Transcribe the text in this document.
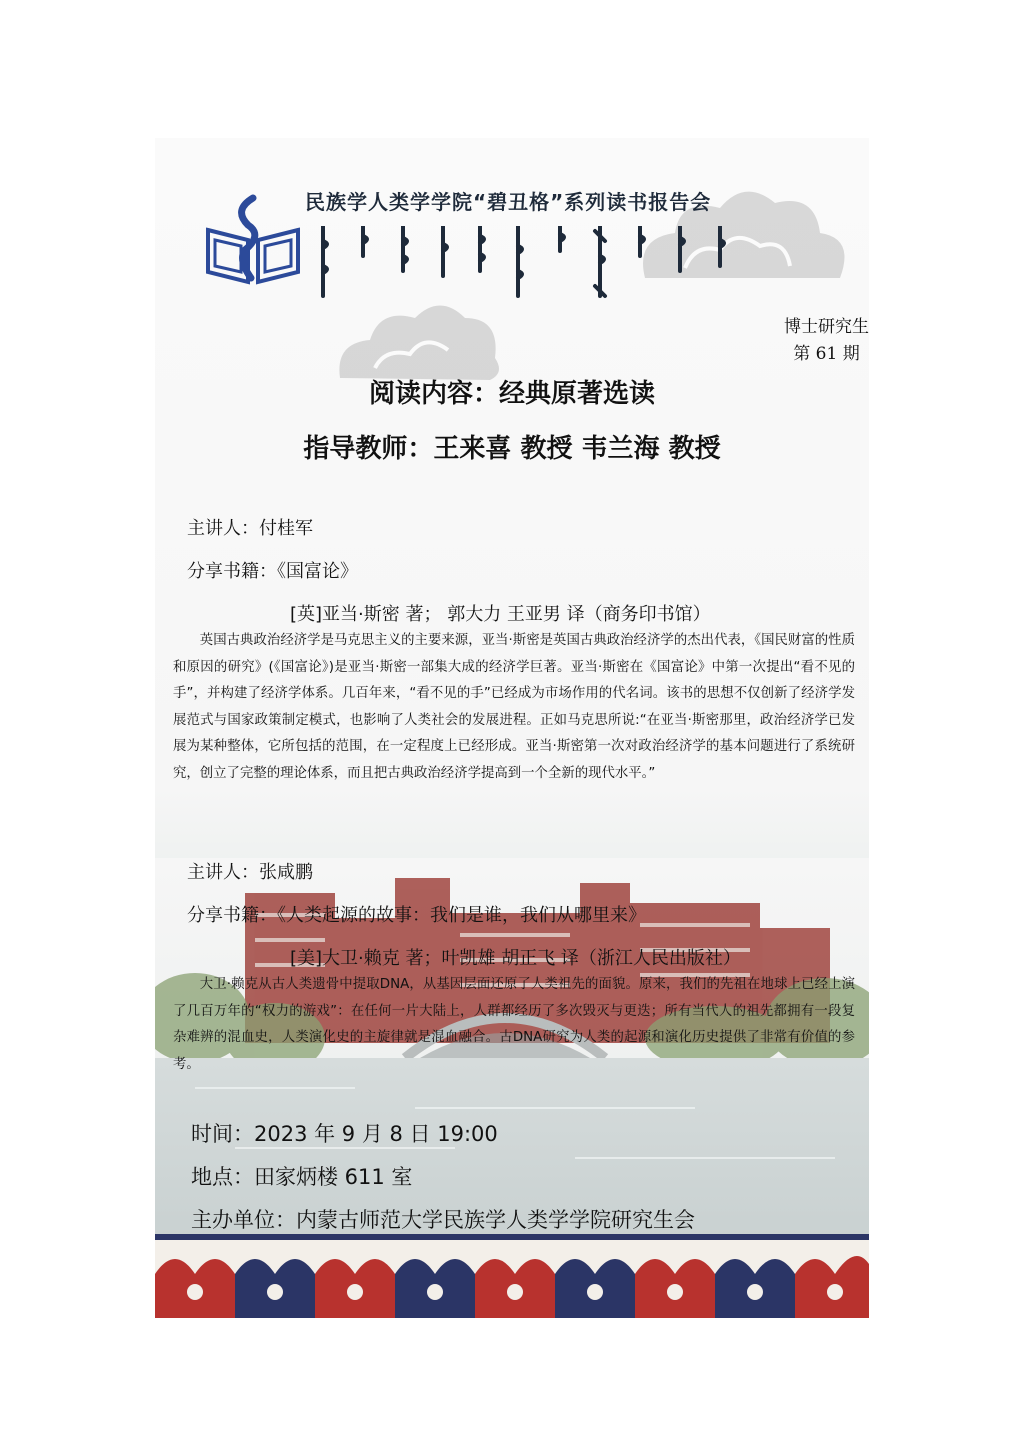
民族学人类学学院“碧丑格”系列读书报告会
博士研究生
第 61 期
阅读内容：经典原著选读
指导教师：王来喜 教授 韦兰海 教授
主讲人：付桂军
分享书籍：《国富论》
[英]亚当·斯密 著； 郭大力 王亚男 译（商务印书馆）
英国古典政治经济学是马克思主义的主要来源，亚当·斯密是英国古典政治经济学的杰出代表，《国民财富的性质和原因的研究》(《国富论》)是亚当·斯密一部集大成的经济学巨著。亚当·斯密在《国富论》中第一次提出“看不见的手”，并构建了经济学体系。几百年来，“看不见的手”已经成为市场作用的代名词。该书的思想不仅创新了经济学发展范式与国家政策制定模式，也影响了人类社会的发展进程。正如马克思所说:“在亚当·斯密那里，政治经济学已发展为某种整体，它所包括的范围，在一定程度上已经形成。亚当·斯密第一次对政治经济学的基本问题进行了系统研究，创立了完整的理论体系，而且把古典政治经济学提高到一个全新的现代水平。”
主讲人：张咸鹏
分享书籍：《人类起源的故事：我们是谁，我们从哪里来》
[美]大卫·赖克 著；叶凯雄 胡正飞 译（浙江人民出版社）
大卫·赖克从古人类遗骨中提取DNA，从基因层面还原了人类祖先的面貌。原来，我们的先祖在地球上已经上演了几百万年的“权力的游戏”：在任何一片大陆上，人群都经历了多次毁灭与更迭；所有当代人的祖先都拥有一段复杂难辨的混血史，人类演化史的主旋律就是混血融合。古DNA研究为人类的起源和演化历史提供了非常有价值的参考。
时间：2023 年 9 月 8 日 19:00
地点：田家炳楼 611 室
主办单位：内蒙古师范大学民族学人类学学院研究生会
